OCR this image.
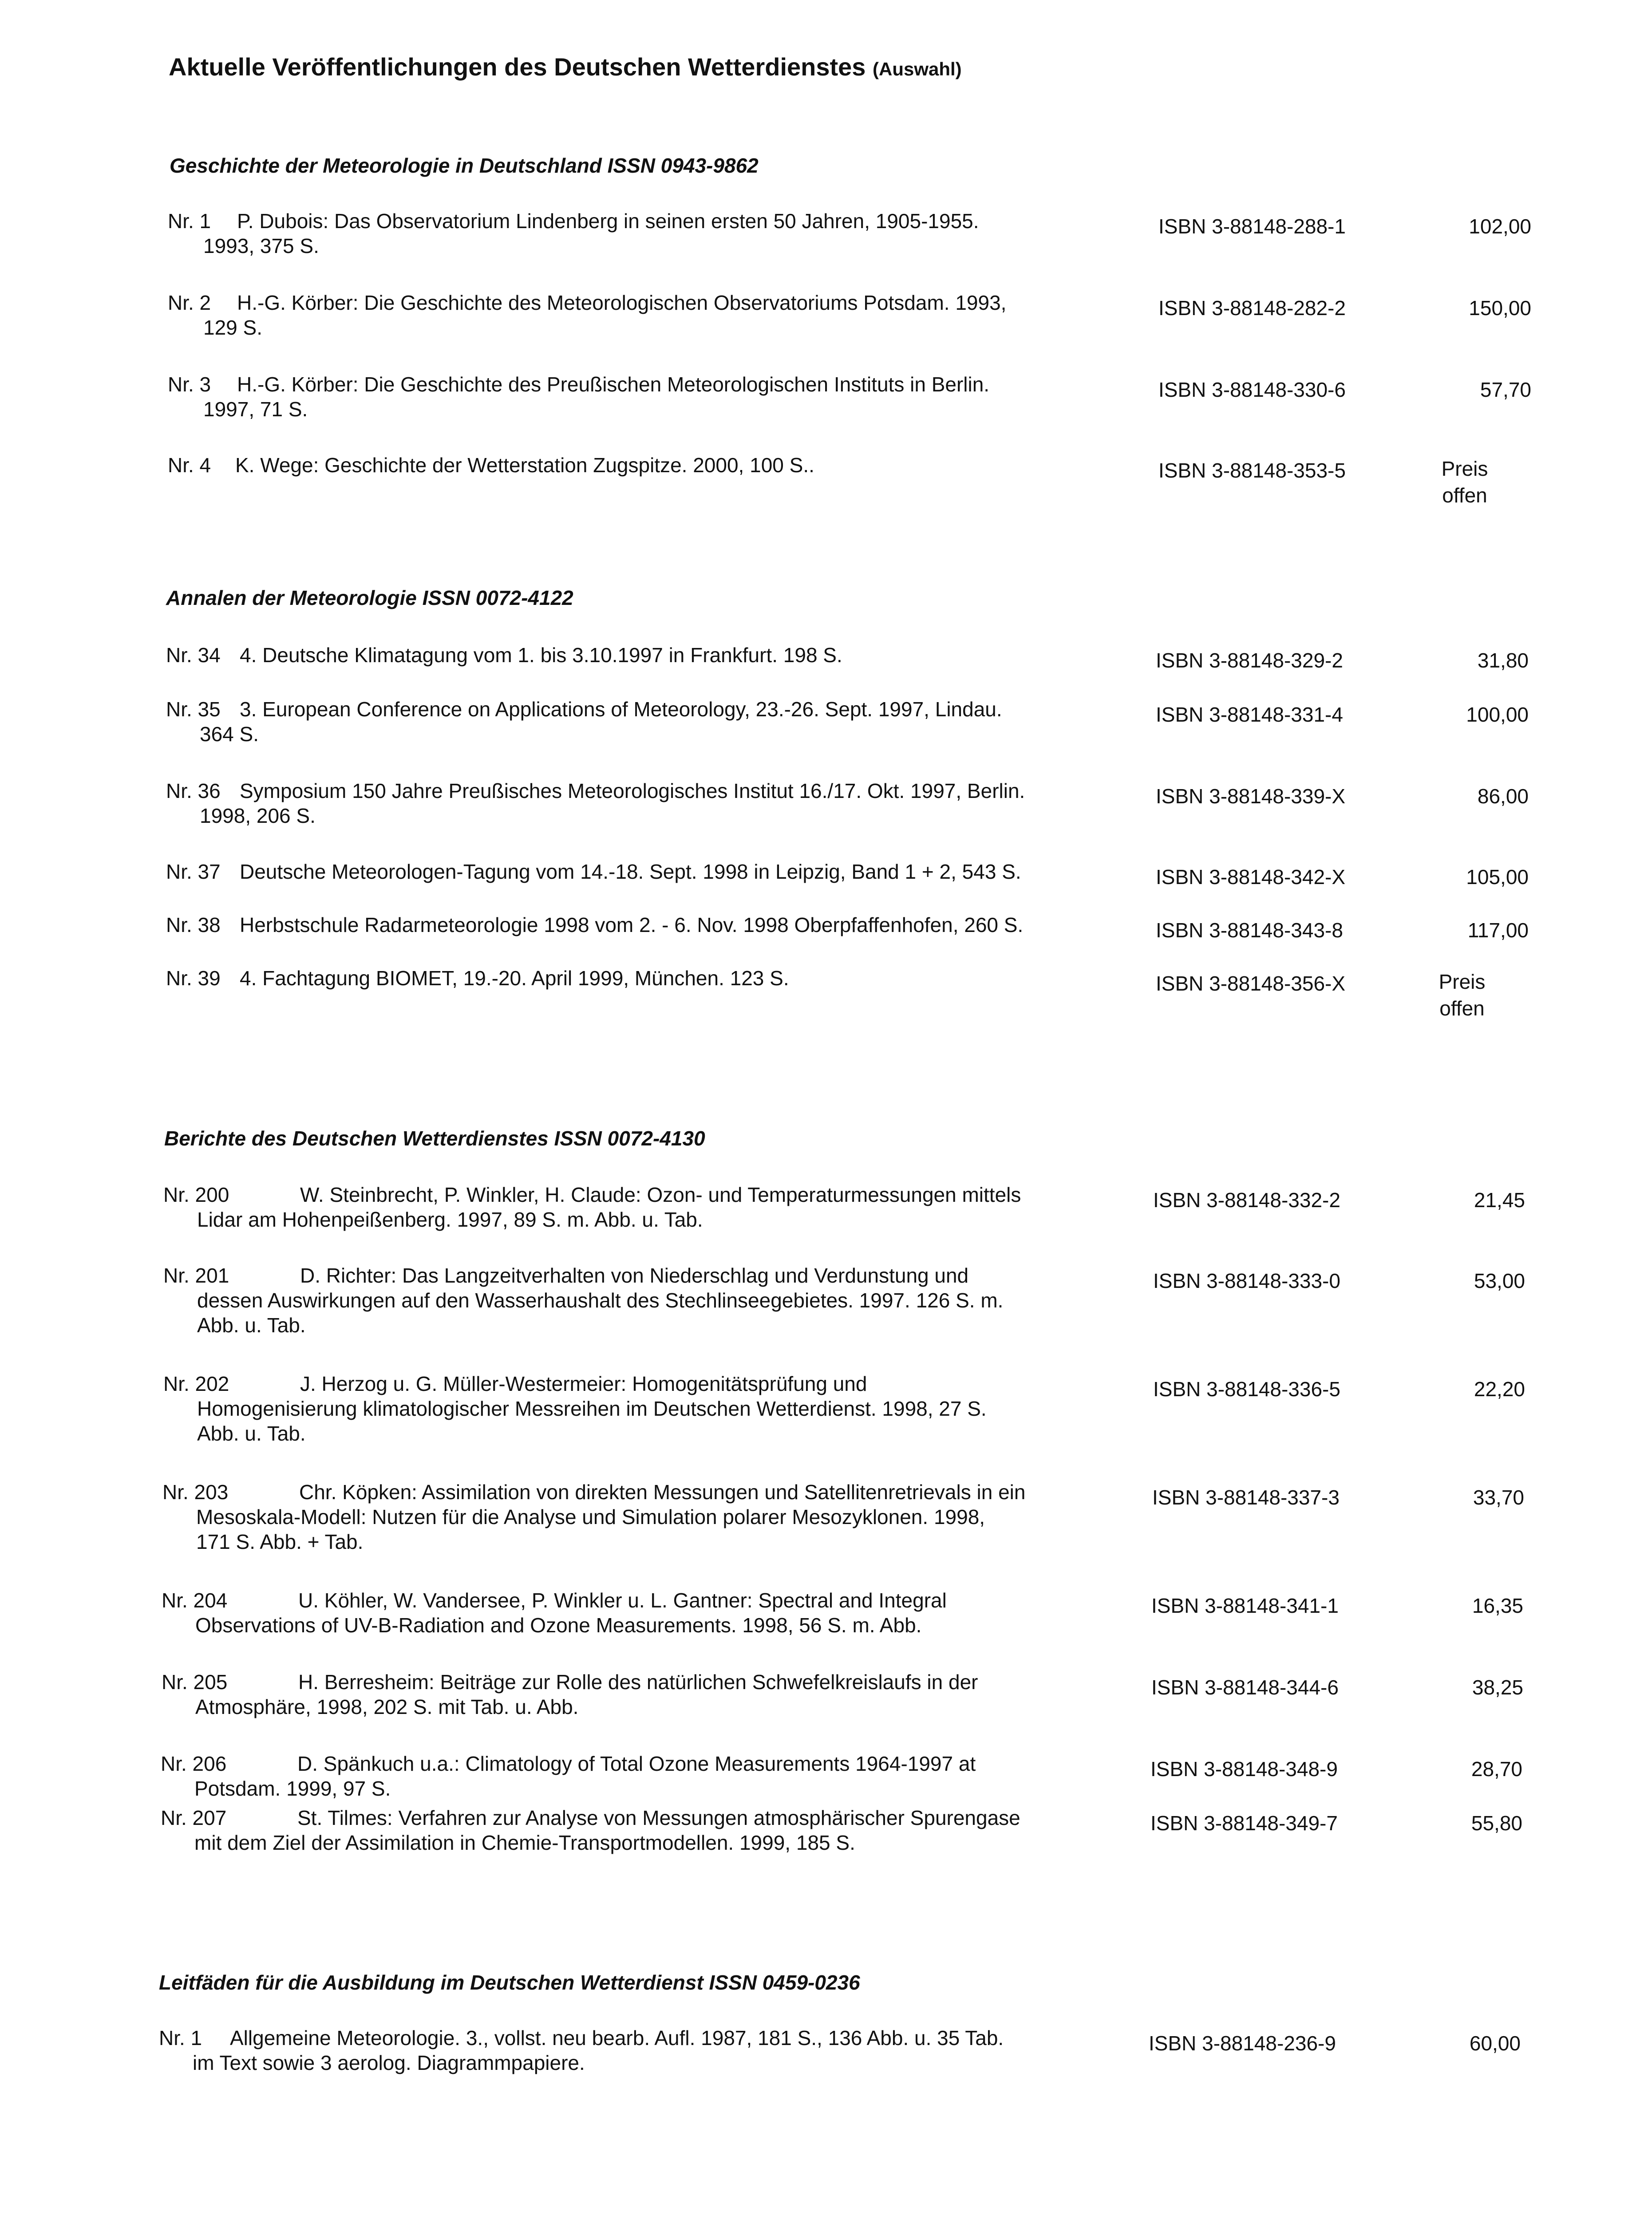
Aktuelle Veröffentlichungen des Deutschen Wetterdienstes (Auswahl)
Geschichte der Meteorologie in Deutschland ISSN 0943-9862
Nr. 1	P. Dubois: Das Observatorium Lindenberg in seinen ersten 50 Jahren, 1905-1955.
1993, 375 S.
ISBN 3-88148-288-1	102,00
Nr. 2	H.-G. Körber: Die Geschichte des Meteorologischen Observatoriums Potsdam. 1993,
129 S.
ISBN 3-88148-282-2	150,00
Nr. 3	H.-G. Körber: Die Geschichte des Preußischen Meteorologischen Instituts in Berlin.
1997, 71 S.
ISBN 3-88148-330-6	57,70
Nr. 4 K. Wege: Geschichte der Wetterstation Zugspitze. 2000, 100 S..	ISBN 3-88148-353-5	Preis
offen
Annalen der Meteorologie ISSN 0072-4122
Nr. 34 4. Deutsche Klimatagung vom 1. bis 3.10.1997 in Frankfurt. 198 S.	ISBN 3-88148-329-2	31,80
Nr. 35 3. European Conference on Applications of Meteorology, 23.-26. Sept. 1997, Lindau.
364 S.
ISBN 3-88148-331-4	100,00
Nr. 36 Symposium 150 Jahre Preußisches Meteorologisches Institut 16./17. Okt. 1997, Berlin.
1998, 206 S.
ISBN 3-88148-339-X	86,00
Nr. 37 Deutsche Meteorologen-Tagung vom 14.-18. Sept. 1998 in Leipzig, Band 1 + 2, 543 S.	ISBN 3-88148-342-X	105,00
Nr. 38 Herbstschule Radarmeteorologie 1998 vom 2. - 6. Nov. 1998 Oberpfaffenhofen, 260 S.	ISBN 3-88148-343-8	117,00
Nr. 39 4. Fachtagung BIOMET, 19.-20. April 1999, München. 123 S.	ISBN 3-88148-356-X	Preis
offen
Berichte des Deutschen Wetterdienstes ISSN 0072-4130
Nr. 200	W. Steinbrecht, P. Winkler, H. Claude: Ozon- und Temperaturmessungen mittels
Lidar am Hohenpeißenberg. 1997, 89 S. m. Abb. u. Tab.
ISBN 3-88148-332-2	21,45
Nr. 201	D. Richter: Das Langzeitverhalten von Niederschlag und Verdunstung und
dessen Auswirkungen auf den Wasserhaushalt des Stechlinseegebietes. 1997. 126 S. m.
Abb. u. Tab.
ISBN 3-88148-333-0	53,00
Nr. 202	J. Herzog u. G. Müller-Westermeier: Homogenitätsprüfung und
Homogenisierung klimatologischer Messreihen im Deutschen Wetterdienst. 1998, 27 S.
Abb. u. Tab.
ISBN 3-88148-336-5	22,20
Nr. 203	Chr. Köpken: Assimilation von direkten Messungen und Satellitenretrievals in ein
Mesoskala-Modell: Nutzen für die Analyse und Simulation polarer Mesozyklonen. 1998,
171 S. Abb. + Tab.
ISBN 3-88148-337-3	33,70
Nr. 204	U. Köhler, W. Vandersee, P. Winkler u. L. Gantner: Spectral and Integral
Observations of UV-B-Radiation and Ozone Measurements. 1998, 56 S. m. Abb.
ISBN 3-88148-341-1	16,35
Nr. 205	H. Berresheim: Beiträge zur Rolle des natürlichen Schwefelkreislaufs in der
Atmosphäre, 1998, 202 S. mit Tab. u. Abb.
ISBN 3-88148-344-6	38,25
Nr. 206	D. Spänkuch u.a.: Climatology of Total Ozone Measurements 1964-1997 at
Potsdam. 1999, 97 S.
ISBN 3-88148-348-9	28,70
Nr. 207	St. Tilmes: Verfahren zur Analyse von Messungen atmosphärischer Spurengase
mit dem Ziel der Assimilation in Chemie-Transportmodellen. 1999, 185 S.
ISBN 3-88148-349-7	55,80
Leitfäden für die Ausbildung im Deutschen Wetterdienst ISSN 0459-0236
Nr. 1	Allgemeine Meteorologie. 3., vollst. neu bearb. Aufl. 1987, 181 S., 136 Abb. u. 35 Tab.
im Text sowie 3 aerolog. Diagrammpapiere.
ISBN 3-88148-236-9	60,00
